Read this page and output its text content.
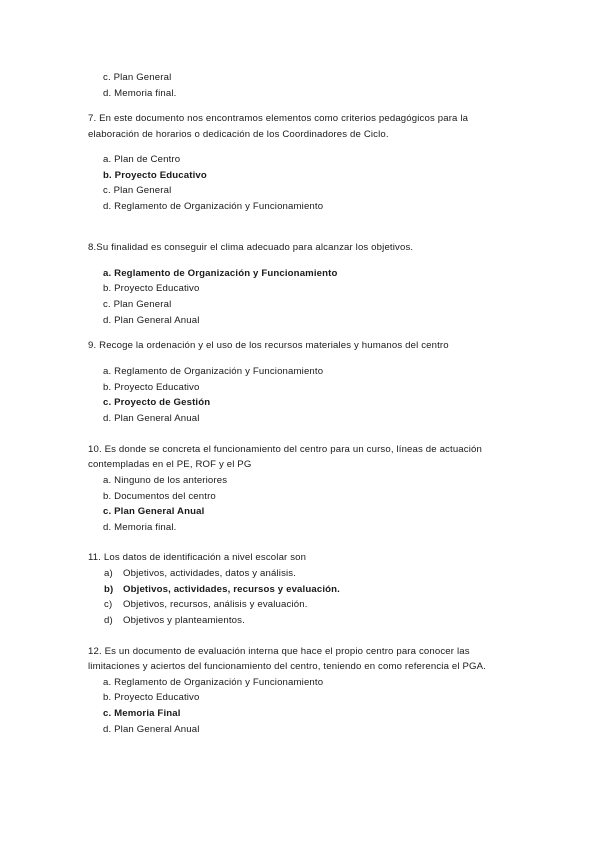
c. Plan General
d. Memoria final.
7. En este documento nos encontramos elementos como criterios pedagógicos para la
elaboración de horarios o dedicación de los Coordinadores de Ciclo.
a. Plan de Centro
b. Proyecto Educativo
c. Plan General
d. Reglamento de Organización y Funcionamiento
8.Su finalidad es conseguir el clima adecuado para alcanzar los objetivos.
a. Reglamento de Organización y Funcionamiento
b. Proyecto Educativo
c. Plan General
d. Plan General Anual
9. Recoge la ordenación y el uso de los recursos materiales y humanos del centro
a. Reglamento de Organización y Funcionamiento
b. Proyecto Educativo
c. Proyecto de Gestión
d. Plan General Anual
10. Es donde se concreta el funcionamiento del centro para un curso, líneas de actuación
contempladas en el PE, ROF y el PG
a. Ninguno de los anteriores
b. Documentos del centro
c. Plan General Anual
d. Memoria final.
11. Los datos de identificación a nivel escolar son
a) Objetivos, actividades, datos y análisis.
b) Objetivos, actividades, recursos y evaluación.
c) Objetivos, recursos, análisis y evaluación.
d) Objetivos y planteamientos.
12. Es un documento de evaluación interna que hace el propio centro para conocer las
limitaciones y aciertos del funcionamiento del centro, teniendo en como referencia el PGA.
a. Reglamento de Organización y Funcionamiento
b. Proyecto Educativo
c. Memoria Final
d. Plan General Anual
